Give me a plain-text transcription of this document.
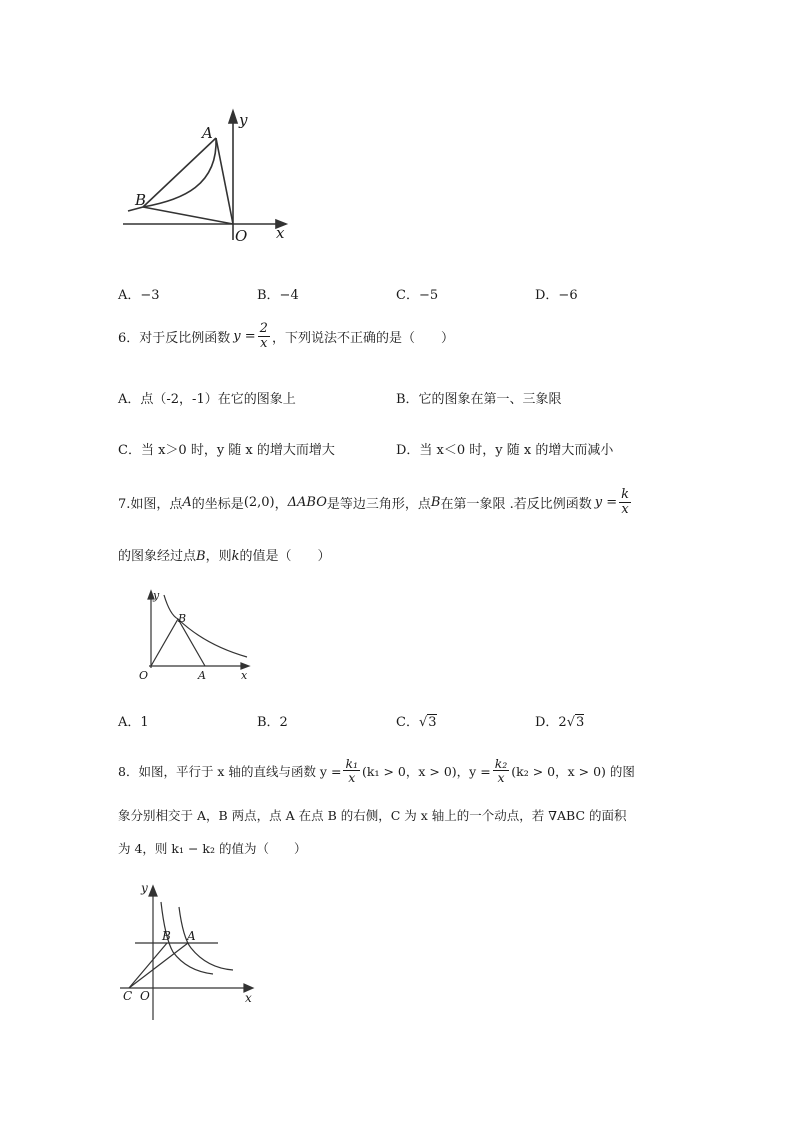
A
B
O x
y
A．−3	B．−4	C．−5	D．−6
6．对于反比例函数 $y = \frac{2}{x}$ ，下列说法不正确的是（　　）
A．点（-2，-1）在它的图象上	B．它的图象在第一、三象限
C．当 x＞0 时，y 随 x 的增大而增大	D．当 x＜0 时，y 随 x 的增大而减小
7.如图，点 A 的坐标是 (2,0) ， ΔABO 是等边三角形，点 B 在第一象限 .若反比例函数 $y = \frac{k}{x}$
的图象经过点B，则k的值是（　　）
y
B
O	A	x
A．1	B．2	C．√3	D．2√3
8．如图，平行于 x 轴的直线与函数 $y = \frac{\text{k₁}}{x} (k_1 > 0$，x > 0)，$y = \frac{\text{k₂}}{x} (k_2 > 0$，x > 0) 的图
象分别相交于 A，B 两点，点 A 在点 B 的右侧，C 为 x 轴上的一个动点，若 ∇ABC 的面积
为 4，则 k₁ − k₂ 的值为（　　）
y
B A
C O	x
